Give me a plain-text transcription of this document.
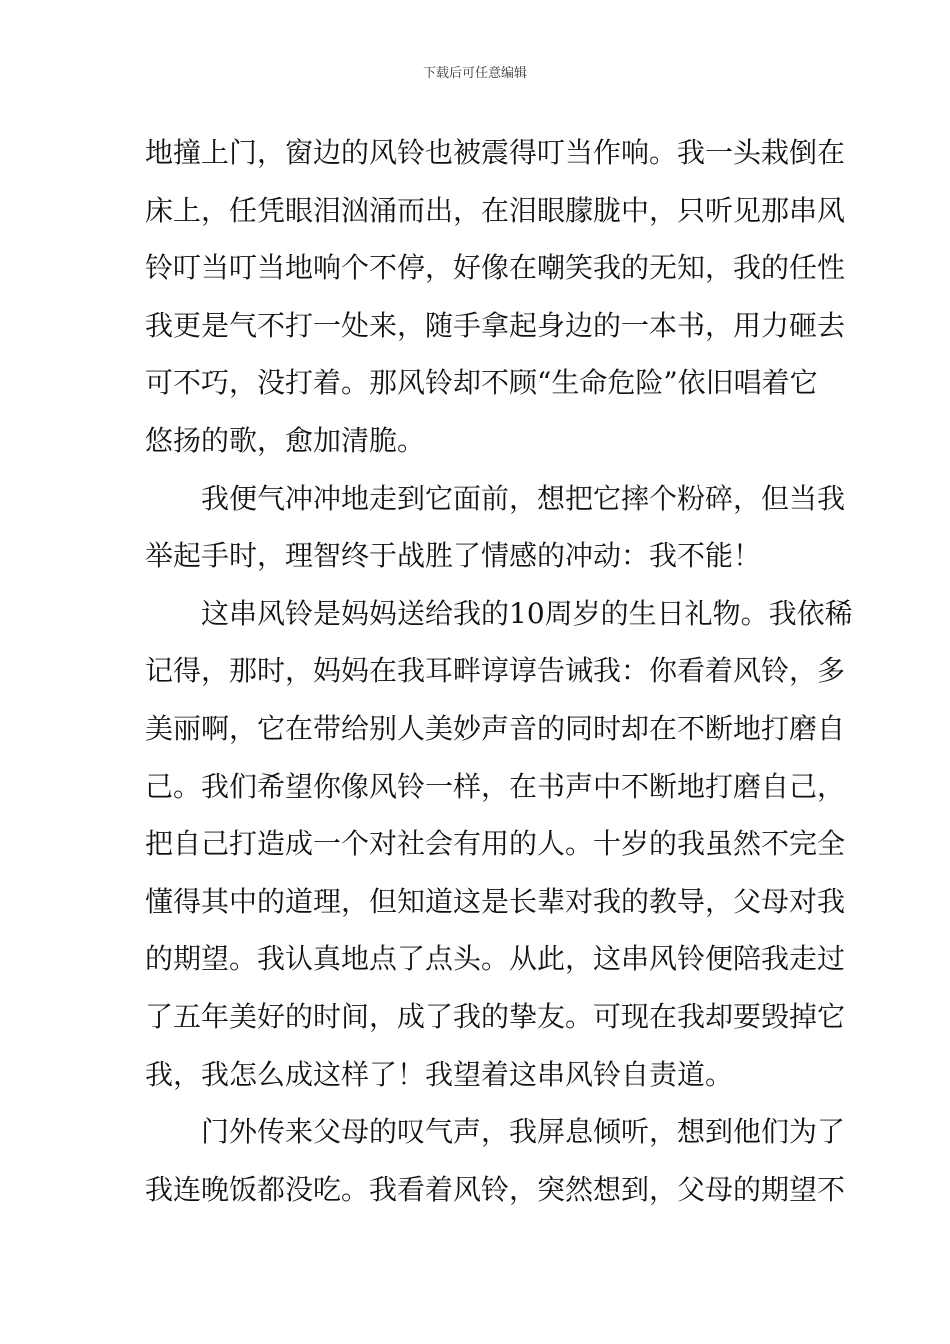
下载后可任意编辑
地撞上门，窗边的风铃也被震得叮当作响。我一头栽倒在
床上，任凭眼泪汹涌而出，在泪眼朦胧中，只听见那串风
铃叮当叮当地响个不停，好像在嘲笑我的无知，我的任性
我更是气不打一处来，随手拿起身边的一本书，用力砸去
可不巧，没打着。那风铃却不顾“生命危险”依旧唱着它
悠扬的歌，愈加清脆。
我便气冲冲地走到它面前，想把它摔个粉碎，但当我
举起手时，理智终于战胜了情感的冲动：我不能！
这串风铃是妈妈送给我的10周岁的生日礼物。我依稀
记得，那时，妈妈在我耳畔谆谆告诫我：你看着风铃，多
美丽啊，它在带给别人美妙声音的同时却在不断地打磨自
己。我们希望你像风铃一样，在书声中不断地打磨自己，
把自己打造成一个对社会有用的人。十岁的我虽然不完全
懂得其中的道理，但知道这是长辈对我的教导，父母对我
的期望。我认真地点了点头。从此，这串风铃便陪我走过
了五年美好的时间，成了我的挚友。可现在我却要毁掉它
我，我怎么成这样了！我望着这串风铃自责道。
门外传来父母的叹气声，我屏息倾听，想到他们为了
我连晚饭都没吃。我看着风铃，突然想到，父母的期望不
